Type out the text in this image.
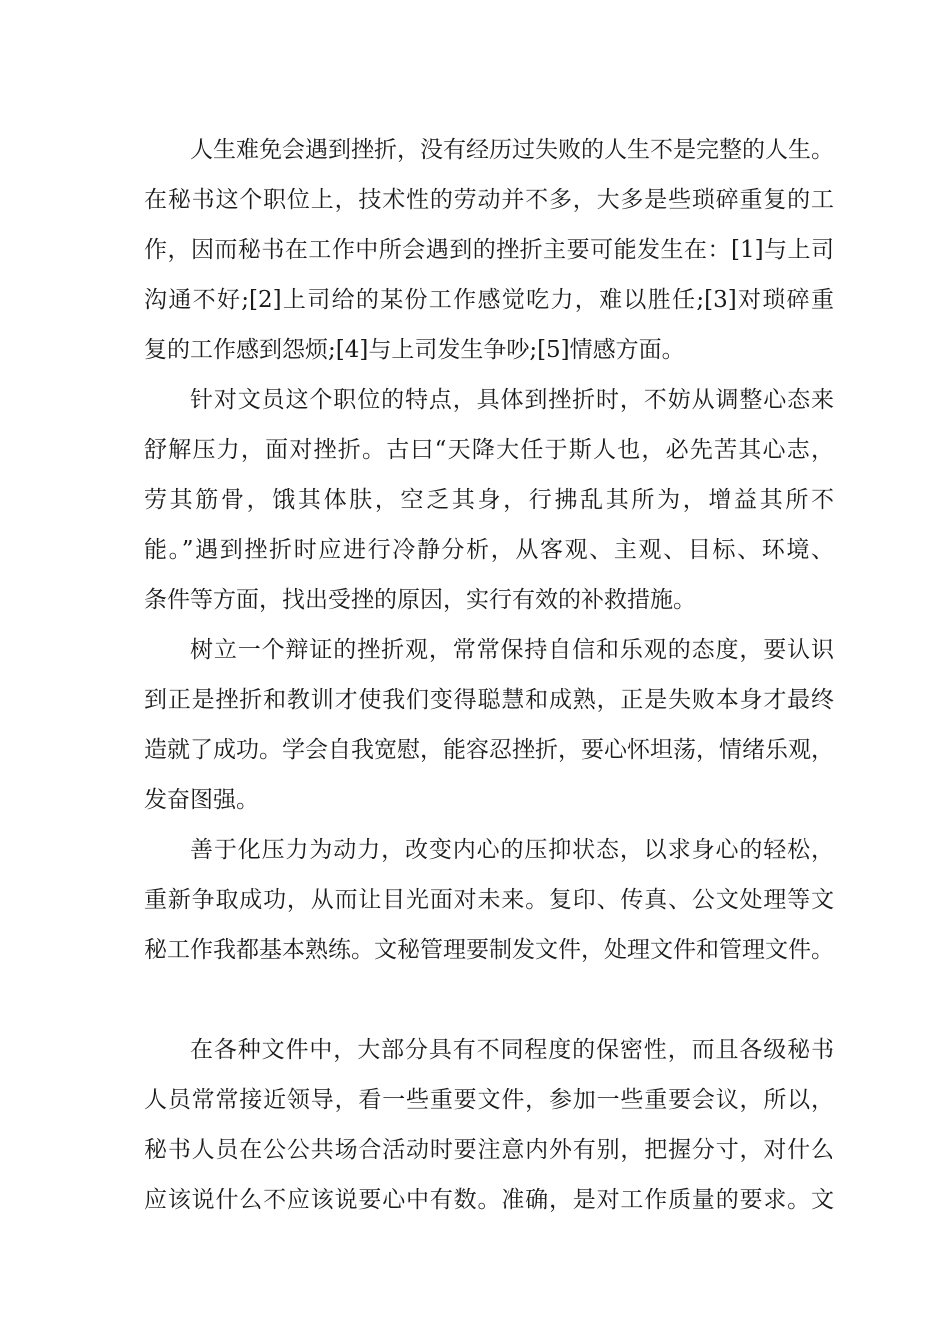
人生难免会遇到挫折，没有经历过失败的人生不是完整的人生。

在秘书这个职位上，技术性的劳动并不多，大多是些琐碎重复的工

作，因而秘书在工作中所会遇到的挫折主要可能发生在：[1]与上司

沟通不好;[2]上司给的某份工作感觉吃力，难以胜任;[3]对琐碎重

复的工作感到怨烦;[4]与上司发生争吵;[5]情感方面。

针对文员这个职位的特点，具体到挫折时，不妨从调整心态来

舒解压力，面对挫折。古曰“天降大任于斯人也，必先苦其心志，

劳其筋骨，饿其体肤，空乏其身，行拂乱其所为，增益其所不

能。”遇到挫折时应进行冷静分析，从客观、主观、目标、环境、

条件等方面，找出受挫的原因，实行有效的补救措施。

树立一个辩证的挫折观，常常保持自信和乐观的态度，要认识

到正是挫折和教训才使我们变得聪慧和成熟，正是失败本身才最终

造就了成功。学会自我宽慰，能容忍挫折，要心怀坦荡，情绪乐观，

发奋图强。

善于化压力为动力，改变内心的压抑状态，以求身心的轻松，

重新争取成功，从而让目光面对未来。复印、传真、公文处理等文

秘工作我都基本熟练。文秘管理要制发文件，处理文件和管理文件。

在各种文件中，大部分具有不同程度的保密性，而且各级秘书

人员常常接近领导，看一些重要文件，参加一些重要会议，所以，

秘书人员在公公共场合活动时要注意内外有别，把握分寸，对什么

应该说什么不应该说要心中有数。准确，是对工作质量的要求。文
